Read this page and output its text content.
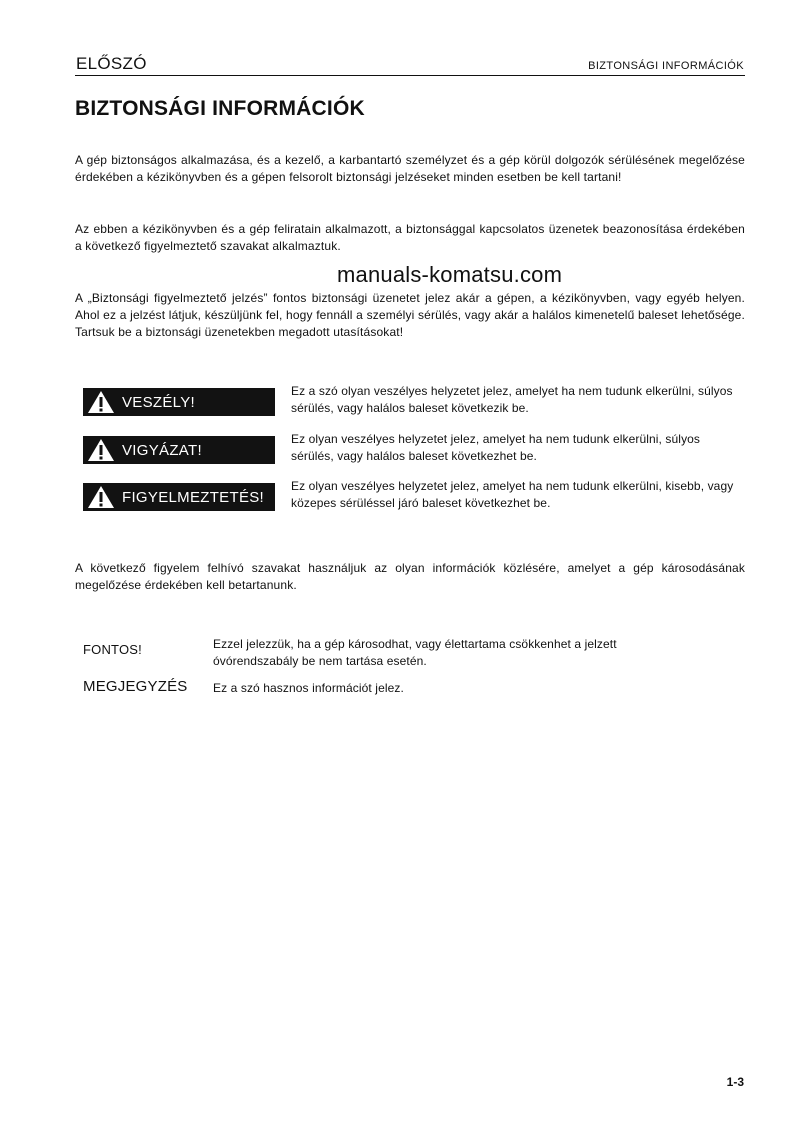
ELŐSZÓ	BIZTONSÁGI INFORMÁCIÓK
BIZTONSÁGI INFORMÁCIÓK
A gép biztonságos alkalmazása, és a kezelő, a karbantartó személyzet és a gép körül dolgozók sérülésének megelőzése érdekében a kézikönyvben és a gépen felsorolt biztonsági jelzéseket minden esetben be kell tartani!
Az ebben a kézikönyvben és a gép feliratain alkalmazott, a biztonsággal kapcsolatos üzenetek beazonosítása érdekében a következő figyelmeztető szavakat alkalmaztuk.
manuals-komatsu.com
A „Biztonsági figyelmeztető jelzés” fontos biztonsági üzenetet jelez akár a gépen, a kézikönyvben, vagy egyéb helyen. Ahol ez a jelzést látjuk, készüljünk fel, hogy fennáll a személyi sérülés, vagy akár a halálos kimenetelű baleset lehetősége. Tartsuk be a biztonsági üzenetekben megadott utasításokat!
VESZÉLY!
Ez a szó olyan veszélyes helyzetet jelez, amelyet ha nem tudunk elkerülni, súlyos sérülés, vagy halálos baleset következik be.
VIGYÁZAT!
Ez olyan veszélyes helyzetet jelez, amelyet ha nem tudunk elkerülni, súlyos sérülés, vagy halálos baleset következhet be.
FIGYELMEZTETÉS!
Ez olyan veszélyes helyzetet jelez, amelyet ha nem tudunk elkerülni, kisebb, vagy közepes sérüléssel járó baleset következhet be.
A következő figyelem felhívó szavakat használjuk az olyan információk közlésére, amelyet a gép károsodásának megelőzése érdekében kell betartanunk.
FONTOS!	Ezzel jelezzük, ha a gép károsodhat, vagy élettartama csökkenhet a jelzett óvórendszabály be nem tartása esetén.
MEGJEGYZÉS Ez a szó hasznos információt jelez.
1-3
